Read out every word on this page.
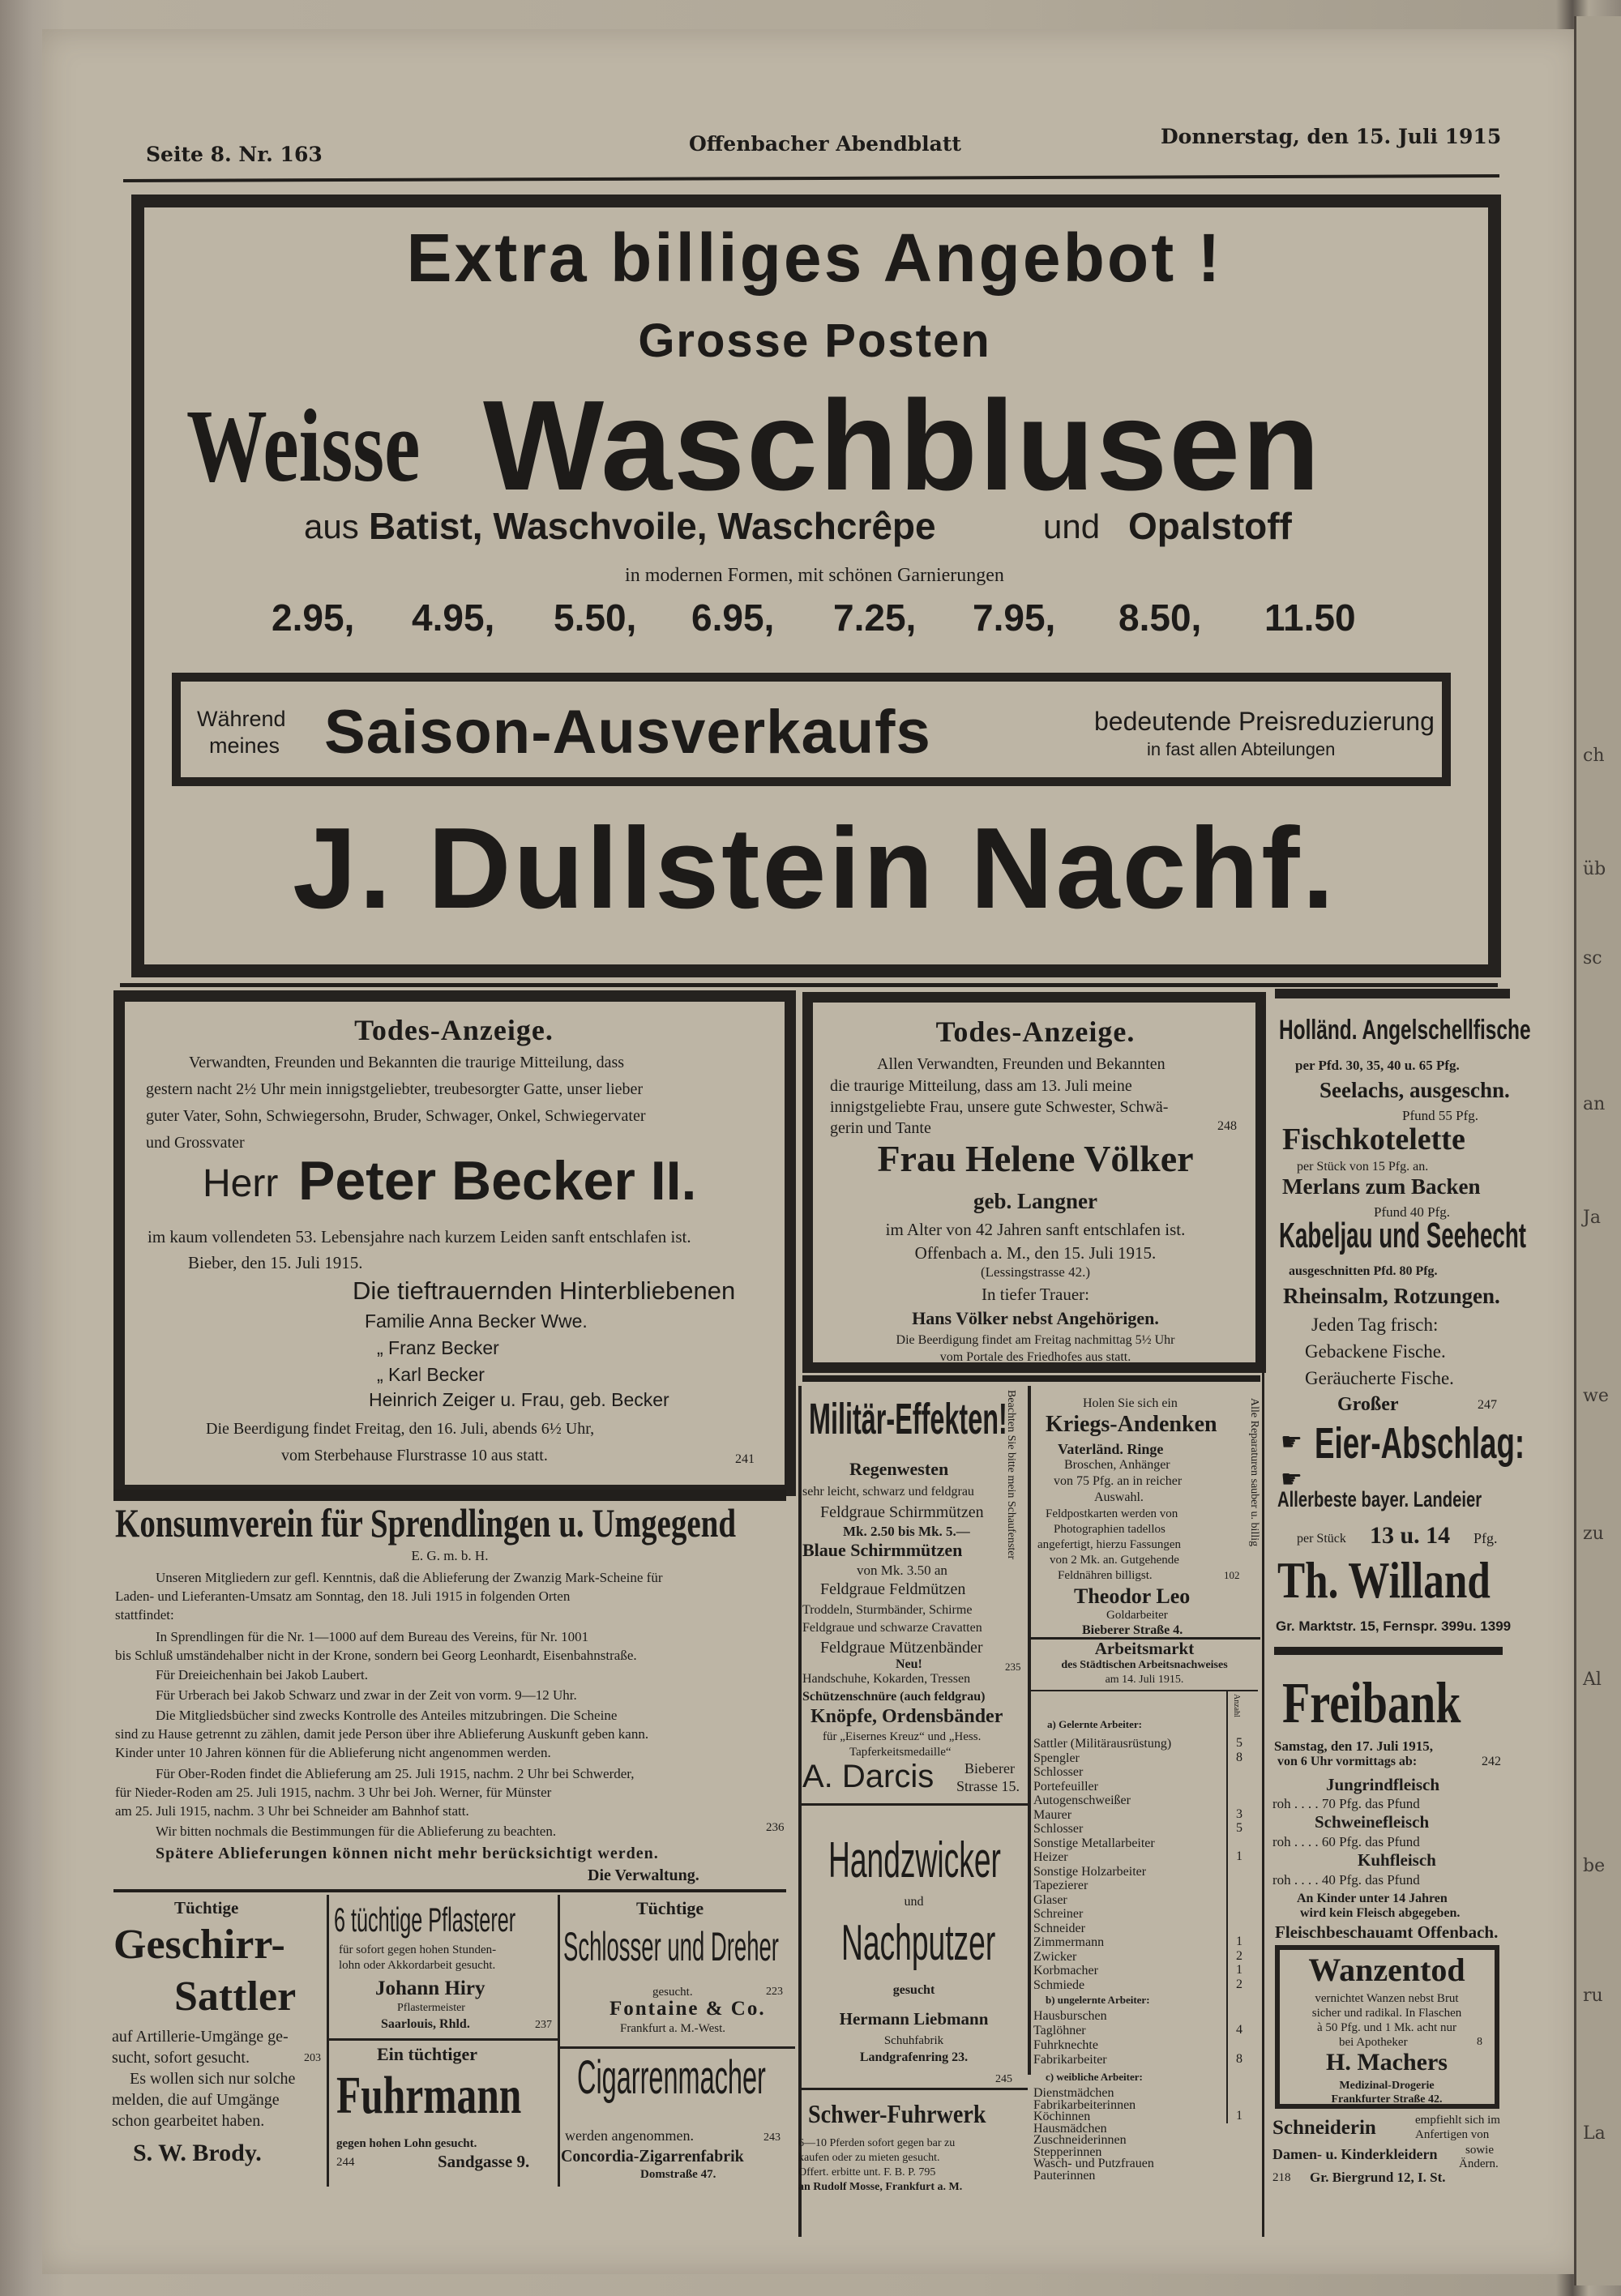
ch
üb
sc
an
Ja
we
zu
Al
be
ru
La
Seite 8. Nr. 163	Offenbacher Abendblatt	Donnerstag, den 15. Juli 1915
Extra billiges Angebot !
Grosse Posten
Weisse Waschblusen
aus Batist, Waschvoile, Waschcrêpe	und Opalstoff
in modernen Formen, mit schönen Garnierungen
2.95, 4.95, 5.50, 6.95, 7.25, 7.95, 8.50, 11.50
Während
meines Saison-Ausverkaufs	bedeutende Preisreduzierung
in fast allen Abteilungen
J. Dullstein Nachf.
Todes-Anzeige.
Verwandten, Freunden und Bekannten die traurige Mitteilung, dass
gestern nacht 2½ Uhr mein innigstgeliebter, treubesorgter Gatte, unser lieber
guter Vater, Sohn, Schwiegersohn, Bruder, Schwager, Onkel, Schwiegervater
und Grossvater
Herr Peter Becker II.
im kaum vollendeten 53. Lebensjahre nach kurzem Leiden sanft entschlafen ist.
Bieber, den 15. Juli 1915.
Die tieftrauernden Hinterbliebenen
Familie Anna Becker Wwe.
„ Franz Becker
„ Karl Becker
Heinrich Zeiger u. Frau, geb. Becker
Die Beerdigung findet Freitag, den 16. Juli, abends 6½ Uhr,
vom Sterbehause Flurstrasse 10 aus statt.	241
Todes-Anzeige.
Allen Verwandten, Freunden und Bekannten
die traurige Mitteilung, dass am 13. Juli meine
innigstgeliebte Frau, unsere gute Schwester, Schwä-
gerin und Tante	248
Frau Helene Völker
geb. Langner
im Alter von 42 Jahren sanft entschlafen ist.
Offenbach a. M., den 15. Juli 1915.
(Lessingstrasse 42.)
In tiefer Trauer:
Hans Völker nebst Angehörigen.
Die Beerdigung findet am Freitag nachmittag 5½ Uhr
vom Portale des Friedhofes aus statt.
Holländ. Angelschellfische
per Pfd. 30, 35, 40 u. 65 Pfg.
Seelachs, ausgeschn.
Pfund 55 Pfg.
Fischkotelette
per Stück von 15 Pfg. an.
Merlans zum Backen
Pfund 40 Pfg.
Kabeljau und Seehecht
ausgeschnitten Pfd. 80 Pfg.
Rheinsalm, Rotzungen.
Jeden Tag frisch:
Gebackene Fische.
Geräucherte Fische.
Großer	247
☛
☛
Eier-Abschlag:
Allerbeste bayer. Landeier
per Stück 13 u. 14 Pfg.
Th. Willand
Gr. Marktstr. 15, Fernspr. 399u. 1399
Konsumverein für Sprendlingen u. Umgegend
E. G. m. b. H.
Unseren Mitgliedern zur gefl. Kenntnis, daß die Ablieferung der Zwanzig Mark-Scheine für
Laden- und Lieferanten-Umsatz am Sonntag, den 18. Juli 1915 in folgenden Orten
stattfindet:
In Sprendlingen für die Nr. 1—1000 auf dem Bureau des Vereins, für Nr. 1001
bis Schluß umständehalber nicht in der Krone, sondern bei Georg Leonhardt, Eisenbahnstraße.
Für Dreieichenhain bei Jakob Laubert.
Für Urberach bei Jakob Schwarz und zwar in der Zeit von vorm. 9—12 Uhr.
Die Mitgliedsbücher sind zwecks Kontrolle des Anteiles mitzubringen. Die Scheine
sind zu Hause getrennt zu zählen, damit jede Person über ihre Ablieferung Auskunft geben kann.
Kinder unter 10 Jahren können für die Ablieferung nicht angenommen werden.
Für Ober-Roden findet die Ablieferung am 25. Juli 1915, nachm. 2 Uhr bei Schwerder,
für Nieder-Roden am 25. Juli 1915, nachm. 3 Uhr bei Joh. Werner, für Münster
am 25. Juli 1915, nachm. 3 Uhr bei Schneider am Bahnhof statt.
236
Wir bitten nochmals die Bestimmungen für die Ablieferung zu beachten.
Spätere Ablieferungen können nicht mehr berücksichtigt werden.
Die Verwaltung.
Militär-Effekten!
Regenwesten
sehr leicht, schwarz und feldgrau
Feldgraue Schirmmützen
Mk. 2.50 bis Mk. 5.—
Blaue Schirmmützen
von Mk. 3.50 an
Feldgraue Feldmützen
Troddeln, Sturmbänder, Schirme
Feldgraue und schwarze Cravatten
Feldgraue Mützenbänder
Neu!
Handschuhe, Kokarden, Tressen
235
Schützenschnüre (auch feldgrau)
Knöpfe, Ordensbänder
für „Eisernes Kreuz“ und „Hess.
Tapferkeitsmedaille“
A. Darcis Bieberer
Strasse 15.
Beachten Sie bitte mein Schaufenster	Holen Sie sich ein
Kriegs-Andenken
Vaterländ. Ringe
Broschen, Anhänger
von 75 Pfg. an in reicher
Auswahl.
Feldpostkarten werden von
Photographien tadellos
angefertigt, hierzu Fassungen
von 2 Mk. an. Gutgehende
Feldnähren billigst.	102
Theodor Leo
Goldarbeiter
Bieberer Straße 4.
Alle Reparaturen sauber u. billig
Arbeitsmarkt
des Städtischen Arbeitsnachweises
am 14. Juli 1915.
Anzahl
a) Gelernte Arbeiter:
Sattler (Militärausrüstung)	5
Spengler	8
Schlosser
Portefeuiller
Autogenschweißer
Maurer	3
Schlosser	5
Sonstige Metallarbeiter
Heizer	1
Sonstige Holzarbeiter
Tapezierer
Glaser
Schreiner
Schneider
Zimmermann	1
Zwicker	2
Korbmacher	1
Schmiede	2
b) ungelernte Arbeiter:
Hausburschen
Taglöhner	4
Fuhrknechte
Fabrikarbeiter	8
c) weibliche Arbeiter:
Dienstmädchen
Fabrikarbeiterinnen
Köchinnen	1
Hausmädchen
Zuschneiderinnen
Stepperinnen
Wasch- und Putzfrauen
Pauterinnen
Freibank
Samstag, den 17. Juli 1915,
von 6 Uhr vormittags ab:	242
Jungrindfleisch
roh . . . . 70 Pfg. das Pfund
Schweinefleisch
roh . . . . 60 Pfg. das Pfund
Kuhfleisch
roh . . . . 40 Pfg. das Pfund
An Kinder unter 14 Jahren
wird kein Fleisch abgegeben.
Fleischbeschauamt Offenbach.
Wanzentod
vernichtet Wanzen nebst Brut
sicher und radikal. In Flaschen
à 50 Pfg. und 1 Mk. acht nur
bei Apotheker	8
H. Machers
Medizinal-Drogerie
Frankfurter Straße 42.
Schneiderin	empfiehlt sich im
Anfertigen von
Damen- u. Kinderkleidern sowie
Ändern.
218 Gr. Biergrund 12, I. St.
Tüchtige
Geschirr-
Sattler
auf Artillerie-Umgänge ge-
sucht, sofort gesucht.	203
Es wollen sich nur solche
melden, die auf Umgänge
schon gearbeitet haben.
S. W. Brody.
6 tüchtige Pflasterer
für sofort gegen hohen Stunden-
lohn oder Akkordarbeit gesucht.
Johann Hiry
Pflastermeister
Saarlouis, Rhld.	237
Ein tüchtiger
Fuhrmann
gegen hohen Lohn gesucht.
244	Sandgasse 9.
Tüchtige
Schlosser und Dreher
gesucht.	223
Fontaine & Co.
Frankfurt a. M.-West.
Cigarrenmacher
werden angenommen.	243
Concordia-Zigarrenfabrik
Domstraße 47.
Handzwicker
und
Nachputzer
gesucht
Hermann Liebmann
Schuhfabrik
Landgrafenring 23.
245
Schwer-Fuhrwerk
6—10 Pferden sofort gegen bar zu
kaufen oder zu mieten gesucht.
Offert. erbitte unt. F. B. P. 795
an Rudolf Mosse, Frankfurt a. M.
